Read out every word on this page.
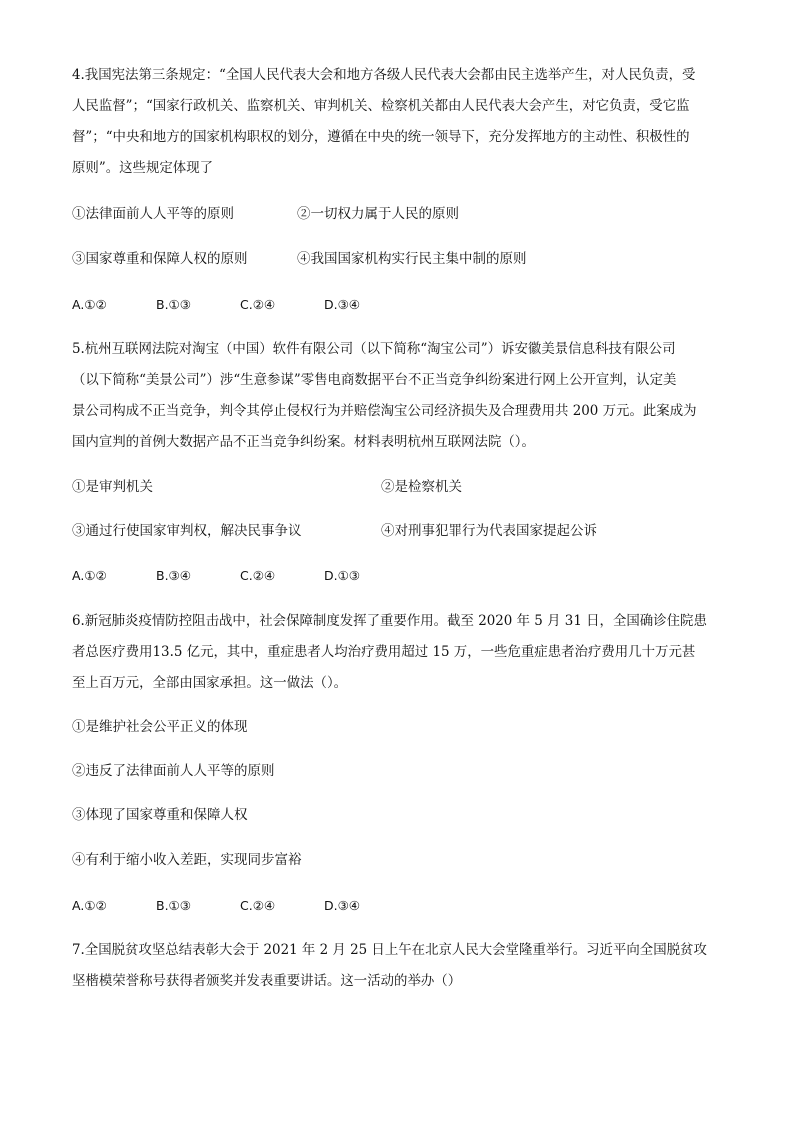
4.我国宪法第三条规定：“全国人民代表大会和地方各级人民代表大会都由民主选举产生，对人民负责，受
人民监督”；“国家行政机关、监察机关、审判机关、检察机关都由人民代表大会产生，对它负责，受它监
督”；“中央和地方的国家机构职权的划分，遵循在中央的统一领导下，充分发挥地方的主动性、积极性的
原则”。这些规定体现了
①法律面前人人平等的原则	②一切权力属于人民的原则
③国家尊重和保障人权的原则	④我国国家机构实行民主集中制的原则
A.①②	B.①③	C.②④	D.③④
5.杭州互联网法院对淘宝（中国）软件有限公司（以下简称“淘宝公司”）诉安徽美景信息科技有限公司
（以下简称“美景公司”）涉“生意参谋”零售电商数据平台不正当竞争纠纷案进行网上公开宣判，认定美
景公司构成不正当竞争，判令其停止侵权行为并赔偿淘宝公司经济损失及合理费用共 200 万元。此案成为
国内宣判的首例大数据产品不正当竞争纠纷案。材料表明杭州互联网法院（）。
①是审判机关	②是检察机关
③通过行使国家审判权，解决民事争议	④对刑事犯罪行为代表国家提起公诉
A.①②	B.③④	C.②④	D.①③
6.新冠肺炎疫情防控阻击战中，社会保障制度发挥了重要作用。截至 2020 年 5 月 31 日，全国确诊住院患
者总医疗费用13.5 亿元，其中，重症患者人均治疗费用超过 15 万，一些危重症患者治疗费用几十万元甚
至上百万元，全部由国家承担。这一做法（）。
①是维护社会公平正义的体现
②违反了法律面前人人平等的原则
③体现了国家尊重和保障人权
④有利于缩小收入差距，实现同步富裕
A.①②	B.①③	C.②④	D.③④
7.全国脱贫攻坚总结表彰大会于 2021 年 2 月 25 日上午在北京人民大会堂隆重举行。习近平向全国脱贫攻
坚楷模荣誉称号获得者颁奖并发表重要讲话。这一活动的举办（）
